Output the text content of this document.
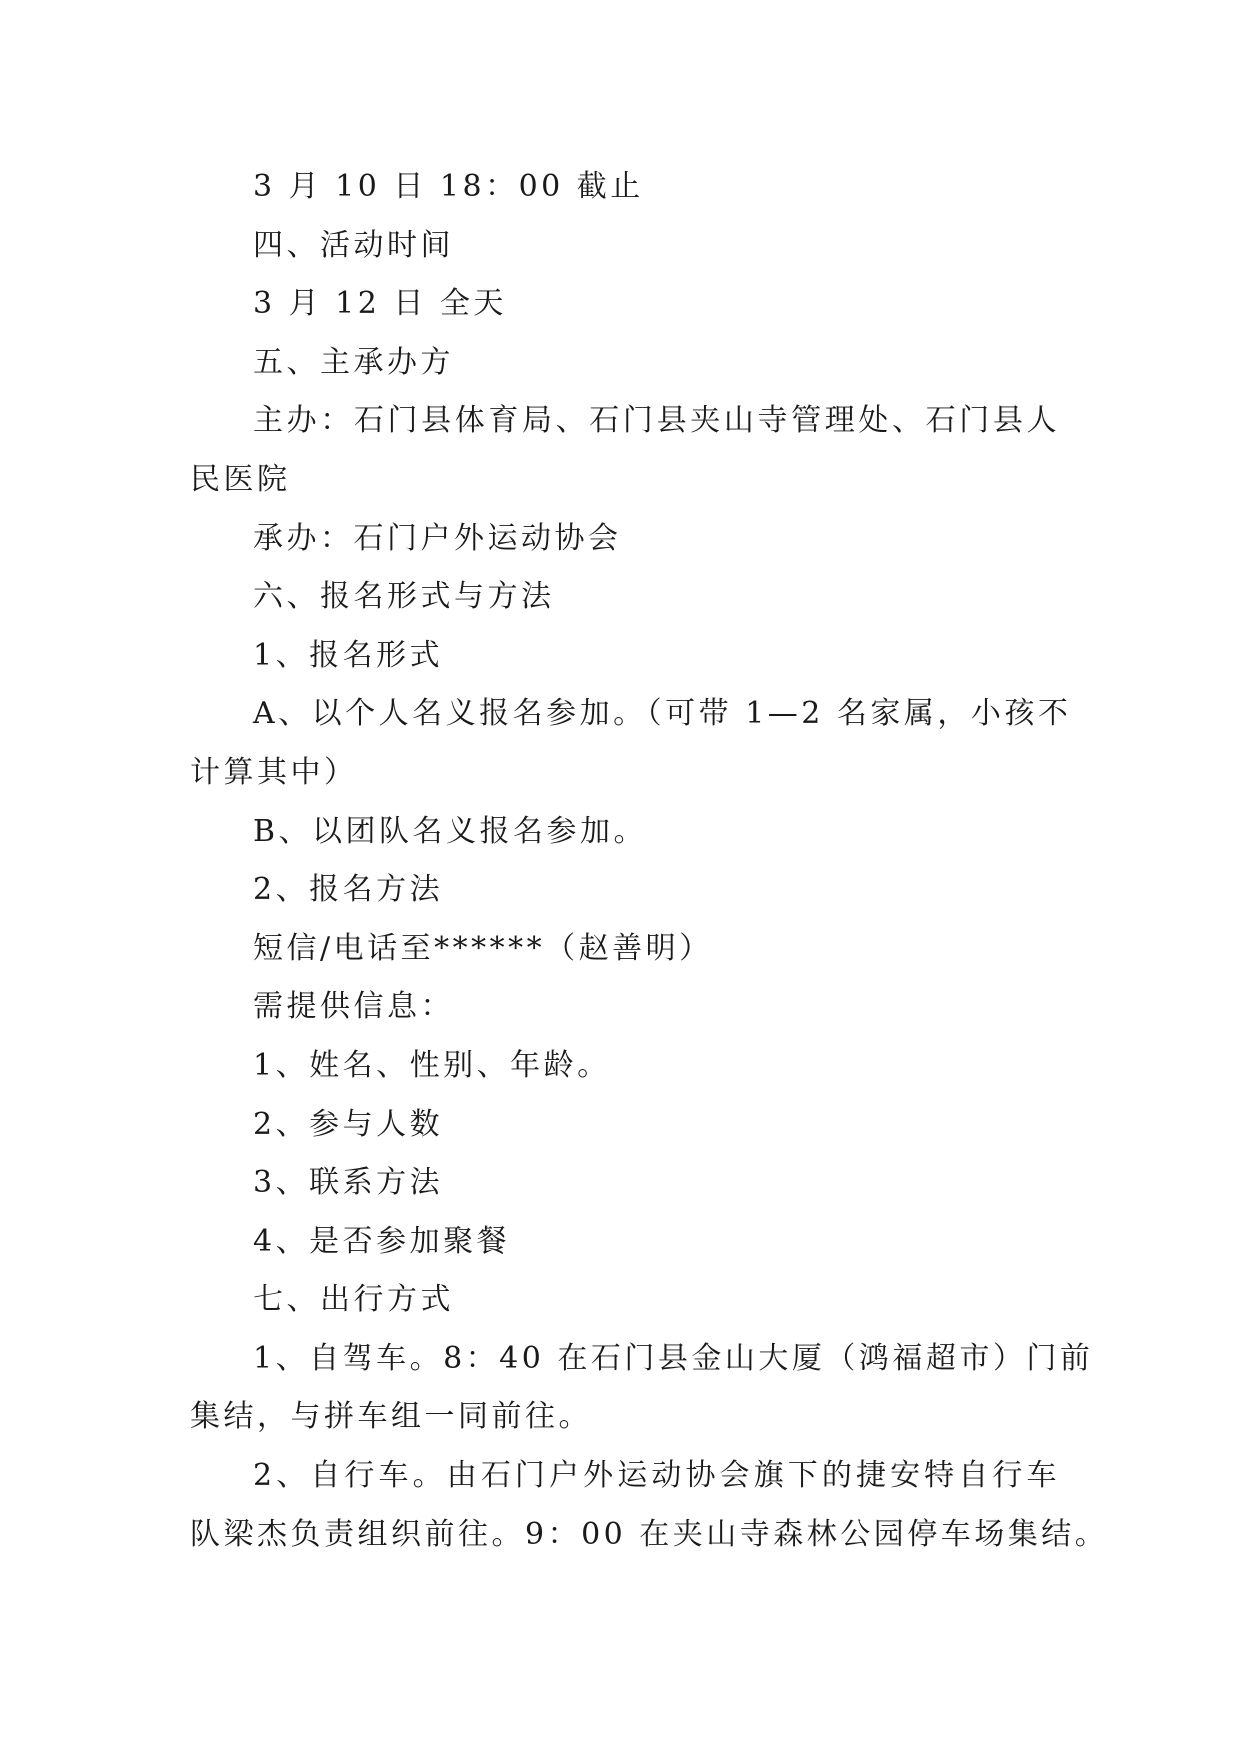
3 月 10 日 18：00 截止
四、活动时间
3 月 12 日 全天
五、主承办方
主办：石门县体育局、石门县夹山寺管理处、石门县人
民医院
承办：石门户外运动协会
六、报名形式与方法
1、报名形式
A、以个人名义报名参加。（可带 1—2 名家属，小孩不
计算其中）
B、以团队名义报名参加。
2、报名方法
短信/电话至******（赵善明）
需提供信息：
1、姓名、性别、年龄。
2、参与人数
3、联系方法
4、是否参加聚餐
七、出行方式
1、自驾车。8：40 在石门县金山大厦（鸿福超市）门前
集结，与拼车组一同前往。
2、自行车。由石门户外运动协会旗下的捷安特自行车
队梁杰负责组织前往。9：00 在夹山寺森林公园停车场集结。
